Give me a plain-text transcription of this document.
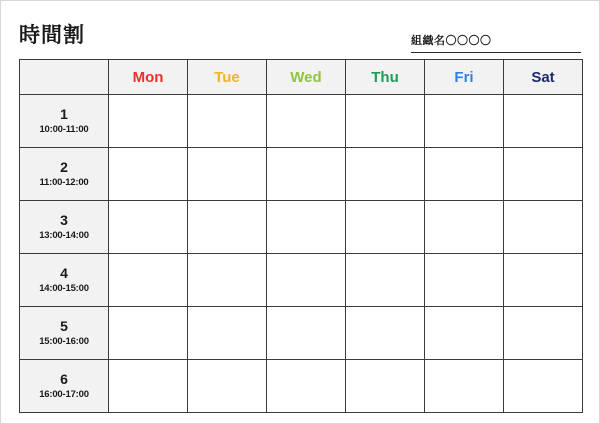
時間割	組織名〇〇〇〇
	Mon	Tue	Wed	Thu	Fri	Sat

1
10:00-11:00						

2
11:00-12:00						

3
13:00-14:00						

4
14:00-15:00						

5
15:00-16:00						

6
16:00-17:00						
